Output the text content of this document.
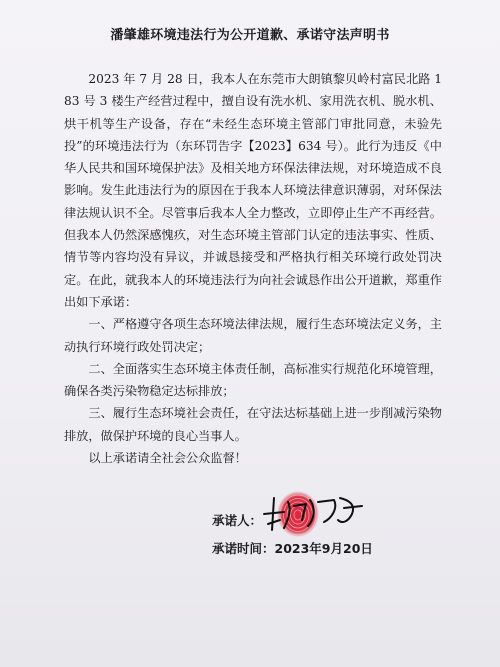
潘肇雄环境违法行为公开道歉、承诺守法声明书

2023 年 7 月 28 日，我本人在东莞市大朗镇黎贝岭村富民北路 183 号 3 楼生产经营过程中，擅自设有洗水机、家用洗衣机、脱水机、烘干机等生产设备，存在“未经生态环境主管部门审批同意，未验先投”的环境违法行为（东环罚告字【2023】634 号）。此行为违反《中华人民共和国环境保护法》及相关地方环保法律法规，对环境造成不良影响。发生此违法行为的原因在于我本人环境法律意识薄弱，对环保法律法规认识不全。尽管事后我本人全力整改，立即停止生产不再经营。但我本人仍然深感愧疚，对生态环境主管部门认定的违法事实、性质、情节等内容均没有异议，并诚恳接受和严格执行相关环境行政处罚决定。在此，就我本人的环境违法行为向社会诚恳作出公开道歉，郑重作出如下承诺：

一、严格遵守各项生态环境法律法规，履行生态环境法定义务，主动执行环境行政处罚决定；

二、全面落实生态环境主体责任制，高标准实行规范化环境管理，确保各类污染物稳定达标排放；

三、履行生态环境社会责任，在守法达标基础上进一步削减污染物排放，做保护环境的良心当事人。

以上承诺请全社会公众监督！

承诺人：
承诺时间：2023年9月20日
